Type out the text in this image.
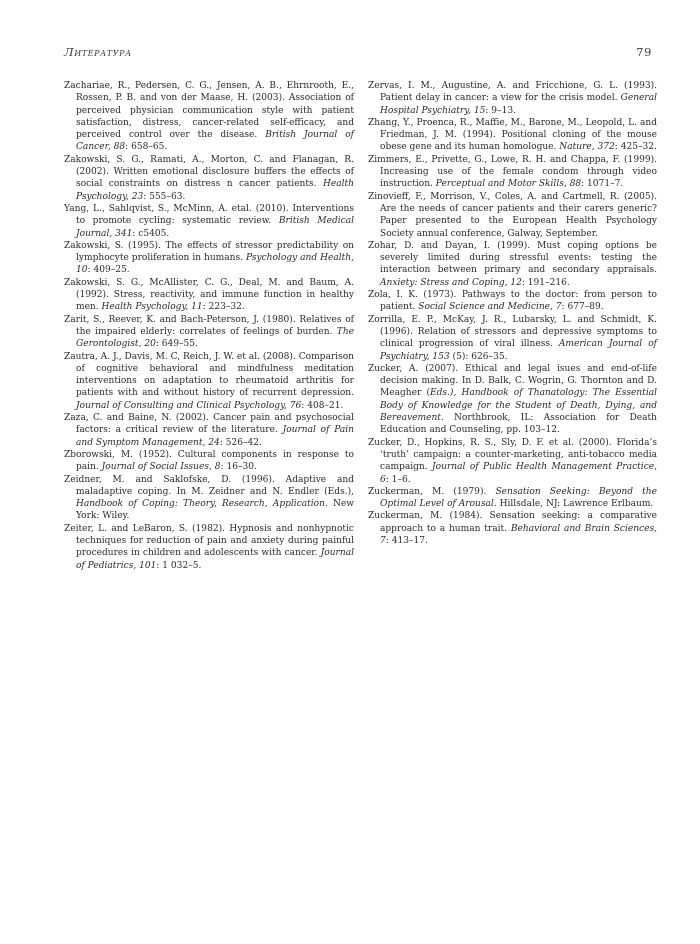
Литература	79

Zachariae, R., Pedersen, C. G., Jensen, A. B., Ehrnrooth, E., Rossen, P. B. and von der Maase, H. (2003). Association of perceived physician communication style with patient satisfaction, distress, cancer-related self-efficacy, and perceived control over the disease. British Journal of Cancer, 88: 658–65.

Zakowski, S. G., Ramati, A., Morton, C. and Flanagan, R. (2002). Written emotional disclosure buffers the effects of social constraints on distress n cancer patients. Health Psychology, 23: 555–63.

Yang, L., Sahlqvist, S., McMinn, A. etal. (2010). Interventions to promote cycling: systematic review. British Medical Journal, 341: c5405.

Zakowski, S. (1995). The effects of stressor predictability on lymphocyte proliferation in humans. Psychology and Health, 10: 409–25.

Zakowski, S. G., McAllister, C. G., Deal, M. and Baum, A. (1992). Stress, reactivity, and immune function in healthy men. Health Psychology, 11: 223–32.

Zarit, S., Reever, K. and Bach-Peterson, J. (1980). Relatives of the impaired elderly: correlates of feelings of burden. The Gerontologist, 20: 649–55.

Zautra, A. J., Davis, M. C, Reich, J. W. et al. (2008). Comparison of cognitive behavioral and mindfulness meditation interventions on adaptation to rheumatoid arthritis for patients with and without history of recurrent depression. Journal of Consulting and Clinical Psychology, 76: 408–21.

Zaza, C. and Baine, N. (2002). Cancer pain and psychosocial factors: a critical review of the literature. Journal of Pain and Symptom Management, 24: 526–42.

Zborowski, M. (1952). Cultural components in response to pain. Journal of Social Issues, 8: 16–30.

Zeidner, M. and Saklofske, D. (1996). Adaptive and maladaptive coping. In M. Zeidner and N. Endler (Eds.), Handbook of Coping: Theory, Research, Application. New York: Wiley.

Zeiter, L. and LeBaron, S. (1982). Hypnosis and nonhypnotic techniques for reduction of pain and anxiety during painful procedures in children and adolescents with cancer. Journal of Pediatrics, 101: 1 032–5.

Zervas, I. M., Augustine, A. and Fricchione, G. L. (1993). Patient delay in cancer: a view for the crisis model. General Hospital Psychiatry, 15: 9–13.

Zhang, Y., Proenca, R., Maffie, M., Barone, M., Leopold, L. and Friedman, J. M. (1994). Positional cloning of the mouse obese gene and its human homologue. Nature, 372: 425–32.

Zimmers, E., Privette, G., Lowe, R. H. and Chappa, F. (1999). Increasing use of the female condom through video instruction. Perceptual and Motor Skills, 88: 1071–7.

Zinovieff, F., Morrison, V., Coles, A. and Cartmell, R. (2005). Are the needs of cancer patients and their carers generic? Paper presented to the European Health Psychology Society annual conference, Galway, September.

Zohar, D. and Dayan, I. (1999). Must coping options be severely limited during stressful events: testing the interaction between primary and secondary appraisals. Anxiety: Stress and Coping, 12: 191–216.

Zola, I. K. (1973). Pathways to the doctor: from person to patient. Social Science and Medicine, 7: 677–89.

Zorrilla, E. P., McKay, J. R., Lubarsky, L. and Schmidt, K. (1996). Relation of stressors and depressive symptoms to clinical progression of viral illness. American Journal of Psychiatry, 153 (5): 626–35.

Zucker, A. (2007). Ethical and legal isues and end-of-life decision making. In D. Balk, C. Wogrin, G. Thornton and D. Meagher (Eds.), Handbook of Thanatology: The Essential Body of Knowledge for the Student of Death, Dying, and Bereavement. Northbrook, IL: Association for Death Education and Counseling, pp. 103–12.

Zucker, D., Hopkins, R. S., Sly, D. F. et al. (2000). Florida’s ‘truth’ campaign: a counter-marketing, anti-tobacco media campaign. Journal of Public Health Management Practice, 6: 1–6.

Zuckerman, M. (1979). Sensation Seeking: Beyond the Optimal Level of Arousal. Hillsdale, NJ: Lawrence Erlbaum.

Zuckerman, M. (1984). Sensation seeking: a comparative approach to a human trait. Behavioral and Brain Sciences, 7: 413–17.
